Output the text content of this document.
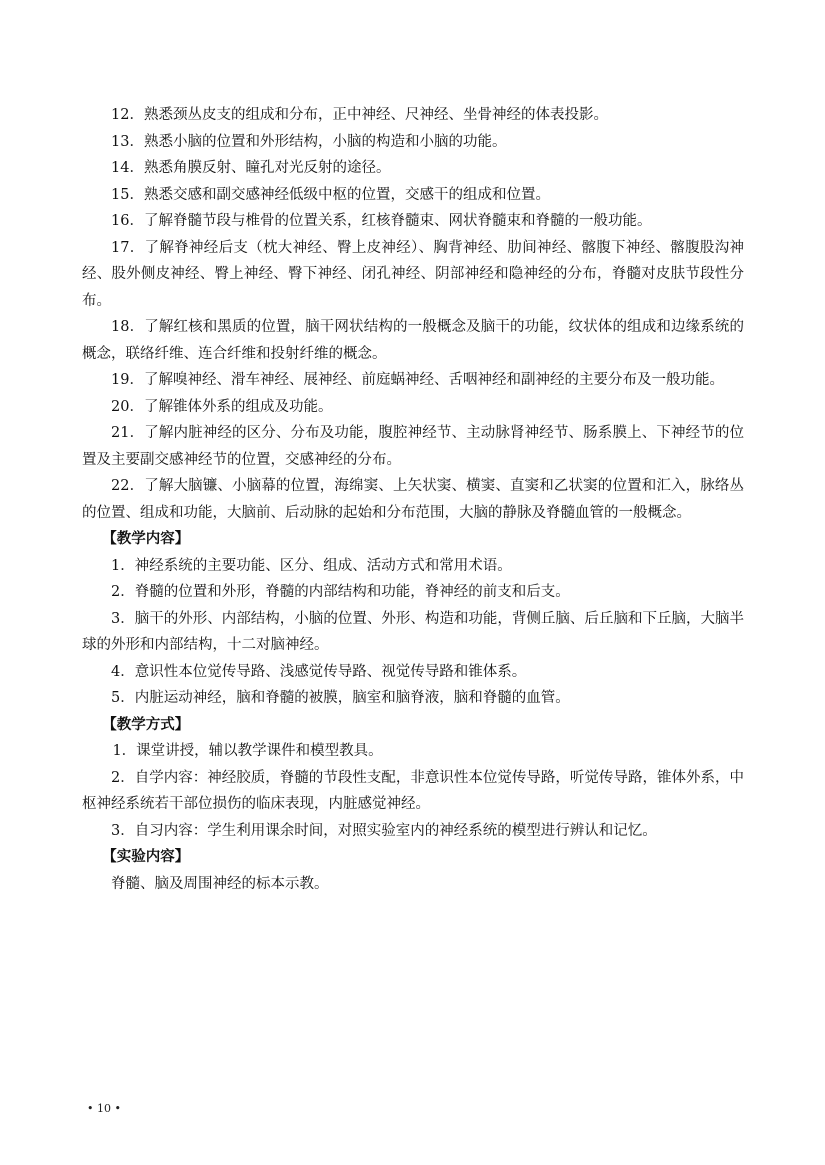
12．熟悉颈丛皮支的组成和分布，正中神经、尺神经、坐骨神经的体表投影。

13．熟悉小脑的位置和外形结构，小脑的构造和小脑的功能。

14．熟悉角膜反射、瞳孔对光反射的途径。

15．熟悉交感和副交感神经低级中枢的位置，交感干的组成和位置。

16．了解脊髓节段与椎骨的位置关系，红核脊髓束、网状脊髓束和脊髓的一般功能。

17．了解脊神经后支（枕大神经、臀上皮神经）、胸背神经、肋间神经、髂腹下神经、髂腹股沟神经、股外侧皮神经、臀上神经、臀下神经、闭孔神经、阴部神经和隐神经的分布，脊髓对皮肤节段性分布。

18．了解红核和黑质的位置，脑干网状结构的一般概念及脑干的功能，纹状体的组成和边缘系统的概念，联络纤维、连合纤维和投射纤维的概念。

19．了解嗅神经、滑车神经、展神经、前庭蜗神经、舌咽神经和副神经的主要分布及一般功能。

20．了解锥体外系的组成及功能。

21．了解内脏神经的区分、分布及功能，腹腔神经节、主动脉肾神经节、肠系膜上、下神经节的位置及主要副交感神经节的位置，交感神经的分布。

22．了解大脑镰、小脑幕的位置，海绵窦、上矢状窦、横窦、直窦和乙状窦的位置和汇入，脉络丛的位置、组成和功能，大脑前、后动脉的起始和分布范围，大脑的静脉及脊髓血管的一般概念。

【教学内容】

1．神经系统的主要功能、区分、组成、活动方式和常用术语。

2．脊髓的位置和外形，脊髓的内部结构和功能，脊神经的前支和后支。

3．脑干的外形、内部结构，小脑的位置、外形、构造和功能，背侧丘脑、后丘脑和下丘脑，大脑半球的外形和内部结构，十二对脑神经。

4．意识性本位觉传导路、浅感觉传导路、视觉传导路和锥体系。

5．内脏运动神经，脑和脊髓的被膜，脑室和脑脊液，脑和脊髓的血管。

【教学方式】

1．课堂讲授，辅以教学课件和模型教具。

2．自学内容：神经胶质，脊髓的节段性支配，非意识性本位觉传导路，听觉传导路，锥体外系，中枢神经系统若干部位损伤的临床表现，内脏感觉神经。

3．自习内容：学生利用课余时间，对照实验室内的神经系统的模型进行辨认和记忆。

【实验内容】

脊髓、脑及周围神经的标本示教。

• 10 •
